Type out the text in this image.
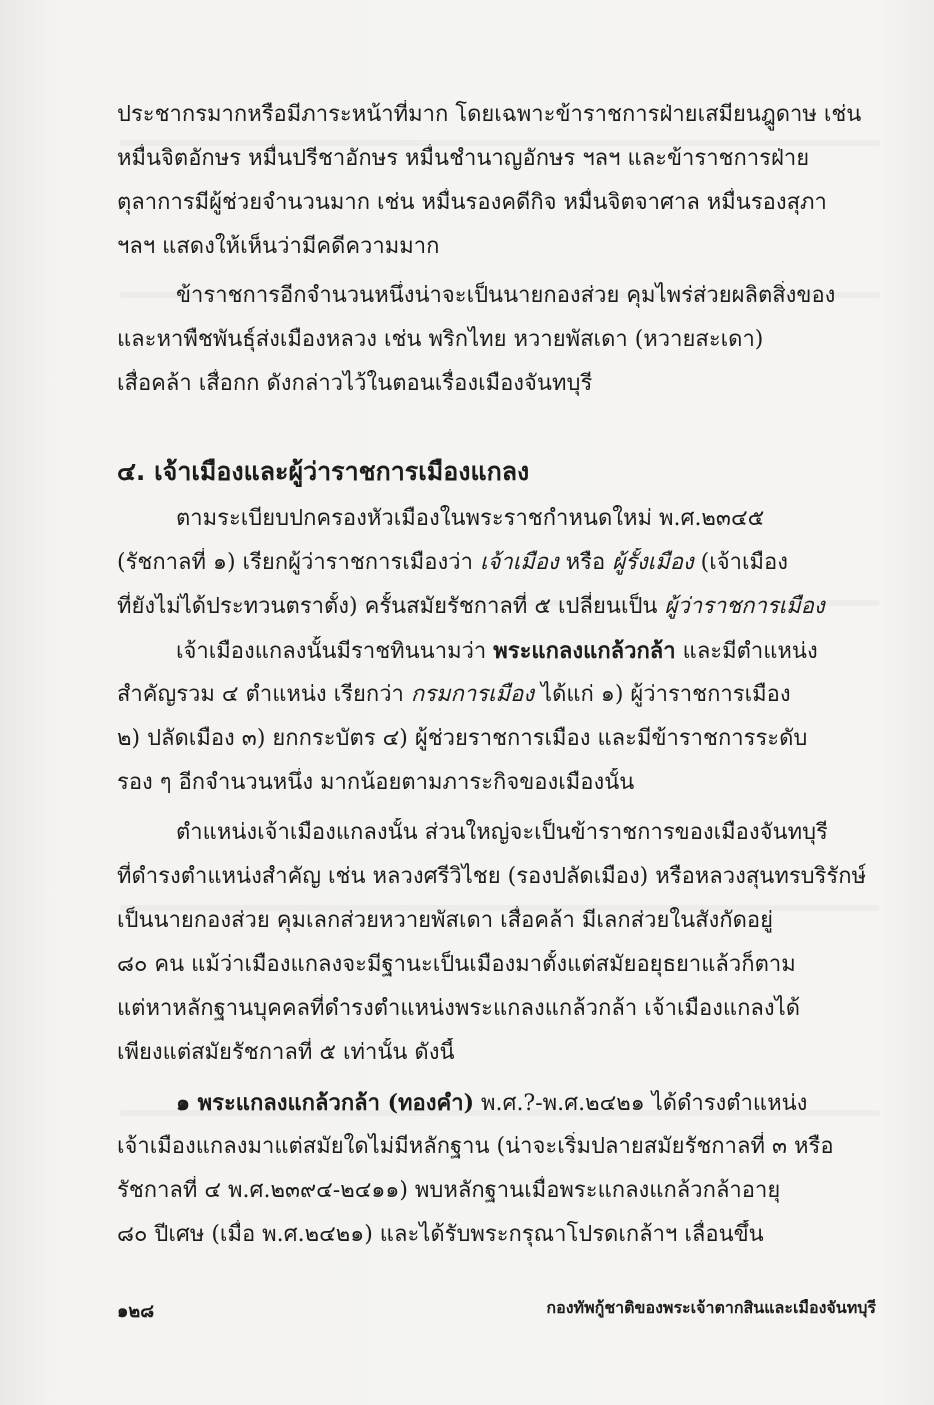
ประชากรมากหรือมีภาระหน้าที่มาก โดยเฉพาะข้าราชการฝ่ายเสมียนฎูดาษ เช่น
หมื่นจิตอักษร หมื่นปรีชาอักษร หมื่นชำนาญอักษร ฯลฯ และข้าราชการฝ่าย
ตุลาการมีผู้ช่วยจำนวนมาก เช่น หมื่นรองคดีกิจ หมื่นจิตจาศาล หมื่นรองสุภา
ฯลฯ แสดงให้เห็นว่ามีคดีความมาก
ข้าราชการอีกจำนวนหนึ่งน่าจะเป็นนายกองส่วย คุมไพร่ส่วยผลิตสิ่งของ
และหาพืชพันธุ์ส่งเมืองหลวง เช่น พริกไทย หวายพัสเดา (หวายสะเดา)
เสื่อคล้า เสื่อกก ดังกล่าวไว้ในตอนเรื่องเมืองจันทบุรี
๔. เจ้าเมืองและผู้ว่าราชการเมืองแกลง
ตามระเบียบปกครองหัวเมืองในพระราชกำหนดใหม่ พ.ศ.๒๓๔๕
(รัชกาลที่ ๑) เรียกผู้ว่าราชการเมืองว่า เจ้าเมือง หรือ ผู้รั้งเมือง (เจ้าเมือง
ที่ยังไม่ได้ประทวนตราตั้ง) ครั้นสมัยรัชกาลที่ ๕ เปลี่ยนเป็น ผู้ว่าราชการเมือง
เจ้าเมืองแกลงนั้นมีราชทินนามว่า พระแกลงแกล้วกล้า และมีตำแหน่ง
สำคัญรวม ๔ ตำแหน่ง เรียกว่า กรมการเมือง ได้แก่ ๑) ผู้ว่าราชการเมือง
๒) ปลัดเมือง ๓) ยกกระบัตร ๔) ผู้ช่วยราชการเมือง และมีข้าราชการระดับ
รอง ๆ อีกจำนวนหนึ่ง มากน้อยตามภาระกิจของเมืองนั้น
ตำแหน่งเจ้าเมืองแกลงนั้น ส่วนใหญ่จะเป็นข้าราชการของเมืองจันทบุรี
ที่ดำรงตำแหน่งสำคัญ เช่น หลวงศรีวิไชย (รองปลัดเมือง) หรือหลวงสุนทรบริรักษ์
เป็นนายกองส่วย คุมเลกส่วยหวายพัสเดา เสื่อคล้า มีเลกส่วยในสังกัดอยู่
๘๐ คน แม้ว่าเมืองแกลงจะมีฐานะเป็นเมืองมาตั้งแต่สมัยอยุธยาแล้วก็ตาม
แต่หาหลักฐานบุคคลที่ดำรงตำแหน่งพระแกลงแกล้วกล้า เจ้าเมืองแกลงได้
เพียงแต่สมัยรัชกาลที่ ๕ เท่านั้น ดังนี้
๑ พระแกลงแกล้วกล้า (ทองคำ) พ.ศ.?-พ.ศ.๒๔๒๑ ได้ดำรงตำแหน่ง
เจ้าเมืองแกลงมาแต่สมัยใดไม่มีหลักฐาน (น่าจะเริ่มปลายสมัยรัชกาลที่ ๓ หรือ
รัชกาลที่ ๔ พ.ศ.๒๓๙๔-๒๔๑๑) พบหลักฐานเมื่อพระแกลงแกล้วกล้าอายุ
๘๐ ปีเศษ (เมื่อ พ.ศ.๒๔๒๑) และได้รับพระกรุณาโปรดเกล้าฯ เลื่อนขึ้น
๑๒๘	กองทัพกู้ชาติของพระเจ้าตากสินและเมืองจันทบุรี
